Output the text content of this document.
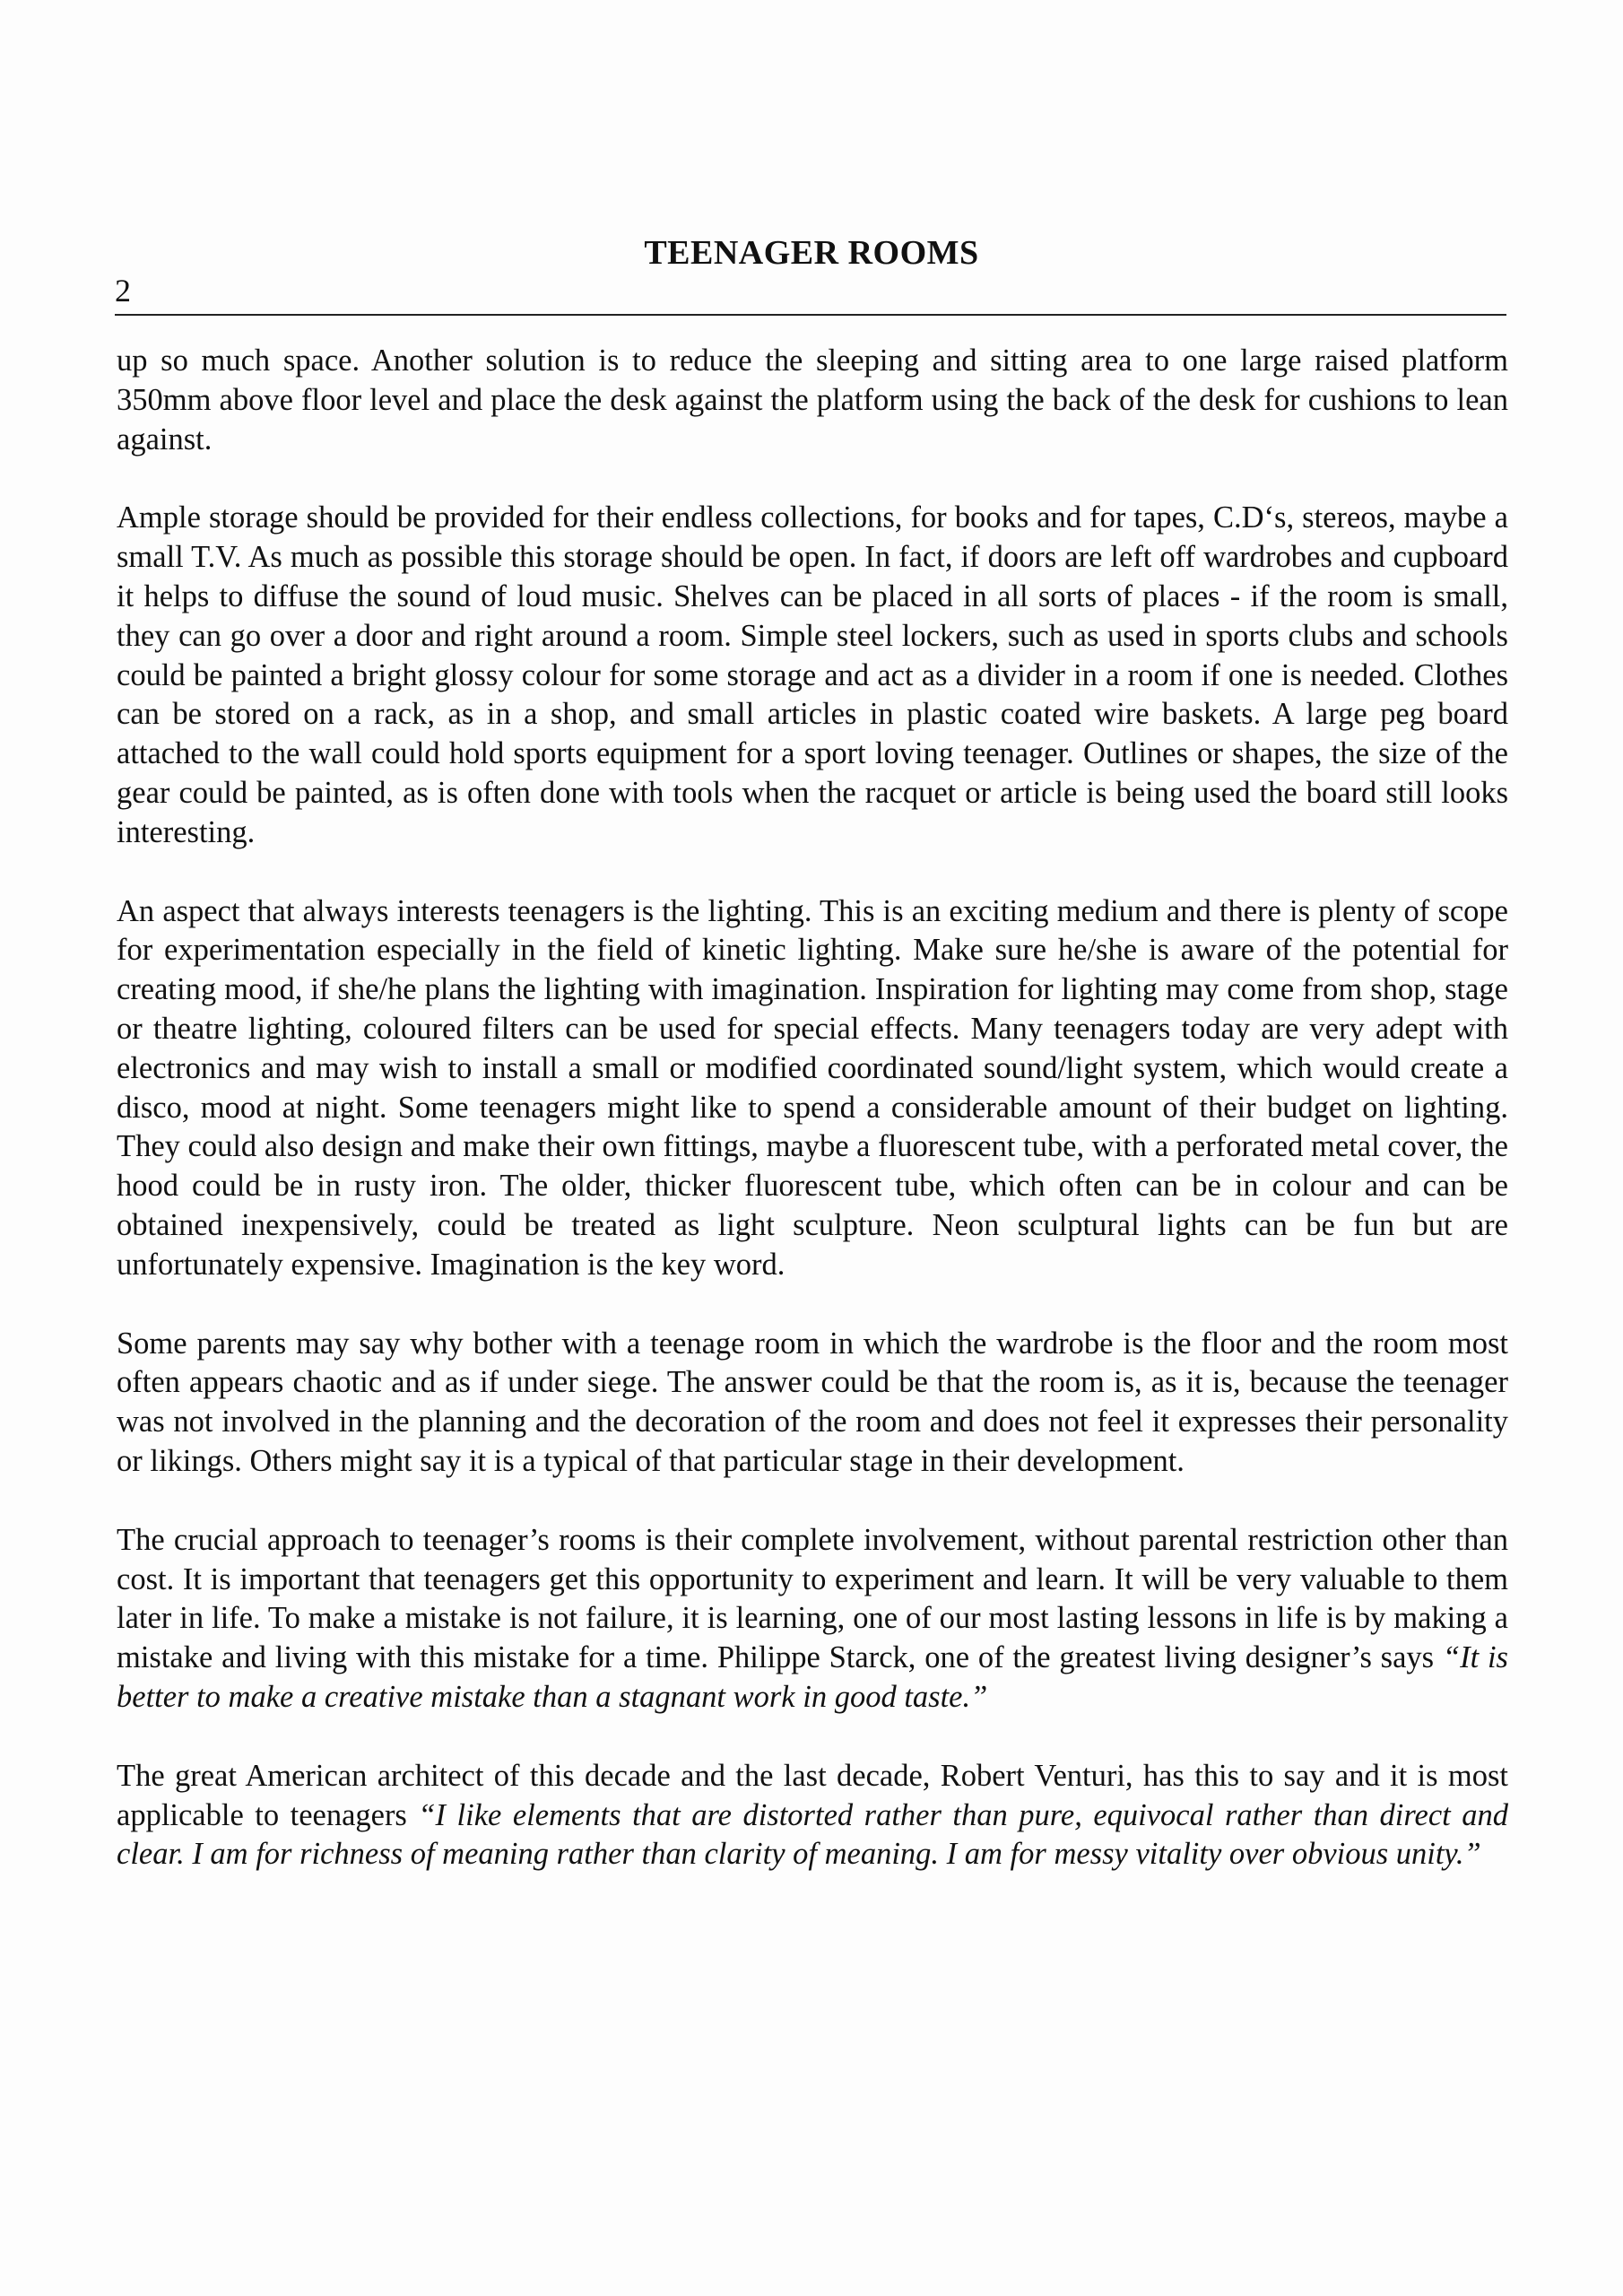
TEENAGER ROOMS
2

up so much space. Another solution is to reduce the sleeping and sitting area to one large raised platform 350mm above floor level and place the desk against the platform using the back of the desk for cushions to lean against.

Ample storage should be provided for their endless collections, for books and for tapes, C.D‘s, stereos, maybe a small T.V. As much as possible this storage should be open. In fact, if doors are left off wardrobes and cupboard it helps to diffuse the sound of loud music. Shelves can be placed in all sorts of places - if the room is small, they can go over a door and right around a room. Simple steel lockers, such as used in sports clubs and schools could be painted a bright glossy colour for some storage and act as a divider in a room if one is needed. Clothes can be stored on a rack, as in a shop, and small articles in plastic coated wire baskets. A large peg board attached to the wall could hold sports equipment for a sport loving teenager. Outlines or shapes, the size of the gear could be painted, as is often done with tools when the racquet or article is being used the board still looks interesting.

An aspect that always interests teenagers is the lighting. This is an exciting medium and there is plenty of scope for experimentation especially in the field of kinetic lighting. Make sure he/she is aware of the potential for creating mood, if she/he plans the lighting with imagination. Inspiration for lighting may come from shop, stage or theatre lighting, coloured filters can be used for special effects. Many teenagers today are very adept with electronics and may wish to install a small or modified coordinated sound/light system, which would create a disco, mood at night. Some teenagers might like to spend a considerable amount of their budget on lighting. They could also design and make their own fittings, maybe a fluorescent tube, with a perforated metal cover, the hood could be in rusty iron. The older, thicker fluorescent tube, which often can be in colour and can be obtained inexpensively, could be treated as light sculpture. Neon sculptural lights can be fun but are unfortunately expensive. Imagination is the key word.

Some parents may say why bother with a teenage room in which the wardrobe is the floor and the room most often appears chaotic and as if under siege. The answer could be that the room is, as it is, because the teenager was not involved in the planning and the decoration of the room and does not feel it expresses their personality or likings. Others might say it is a typical of that particular stage in their development.

The crucial approach to teenager’s rooms is their complete involvement, without parental restriction other than cost. It is important that teenagers get this opportunity to experiment and learn. It will be very valuable to them later in life. To make a mistake is not failure, it is learning, one of our most lasting lessons in life is by making a mistake and living with this mistake for a time. Philippe Starck, one of the greatest living designer’s says “It is better to make a creative mistake than a stagnant work in good taste.”

The great American architect of this decade and the last decade, Robert Venturi, has this to say and it is most applicable to teenagers “I like elements that are distorted rather than pure, equivocal rather than direct and clear. I am for richness of meaning rather than clarity of meaning. I am for messy vitality over obvious unity.”
